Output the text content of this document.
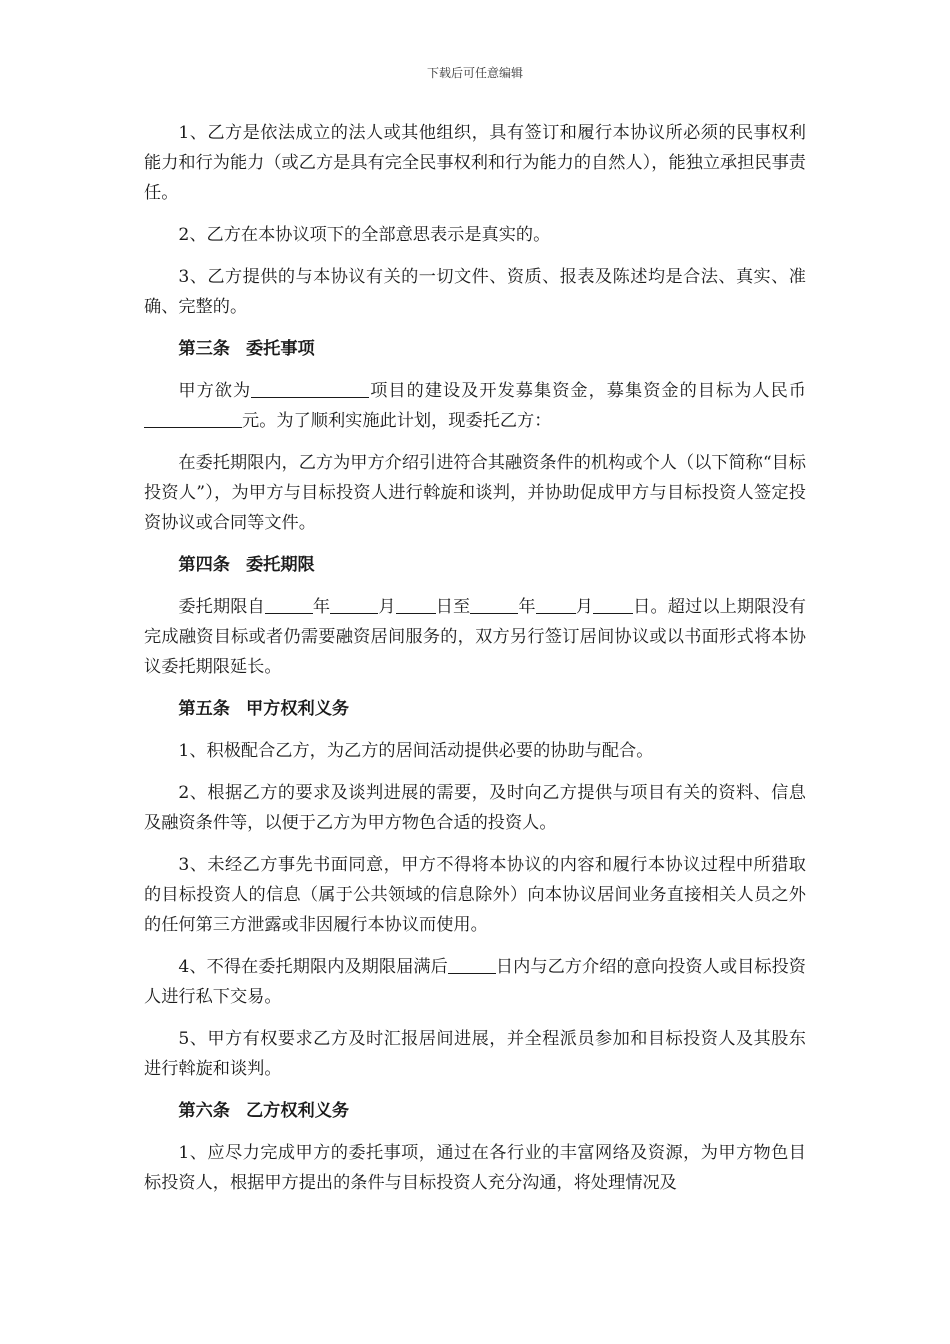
下载后可任意编辑

1、乙方是依法成立的法人或其他组织，具有签订和履行本协议所必须的民事权利能力和行为能力（或乙方是具有完全民事权利和行为能力的自然人），能独立承担民事责任。

2、乙方在本协议项下的全部意思表示是真实的。

3、乙方提供的与本协议有关的一切文件、资质、报表及陈述均是合法、真实、准确、完整的。

第三条 委托事项

甲方欲为	项目的建设及开发募集资金，募集资金的目标为人民币元。为了顺利实施此计划，现委托乙方：

在委托期限内，乙方为甲方介绍引进符合其融资条件的机构或个人（以下简称“目标投资人”），为甲方与目标投资人进行斡旋和谈判，并协助促成甲方与目标投资人签定投资协议或合同等文件。

第四条 委托期限

委托期限自	年	月 日至	年 月 日。超过以上期限没有完成融资目标或者仍需要融资居间服务的，双方另行签订居间协议或以书面形式将本协议委托期限延长。

第五条 甲方权利义务

1、积极配合乙方，为乙方的居间活动提供必要的协助与配合。

2、根据乙方的要求及谈判进展的需要，及时向乙方提供与项目有关的资料、信息及融资条件等，以便于乙方为甲方物色合适的投资人。

3、未经乙方事先书面同意，甲方不得将本协议的内容和履行本协议过程中所猎取的目标投资人的信息（属于公共领域的信息除外）向本协议居间业务直接相关人员之外的任何第三方泄露或非因履行本协议而使用。

4、不得在委托期限内及期限届满后	日内与乙方介绍的意向投资人或目标投资人进行私下交易。

5、甲方有权要求乙方及时汇报居间进展，并全程派员参加和目标投资人及其股东进行斡旋和谈判。

第六条 乙方权利义务

1、应尽力完成甲方的委托事项，通过在各行业的丰富网络及资源，为甲方物色目标投资人，根据甲方提出的条件与目标投资人充分沟通，将处理情况及
